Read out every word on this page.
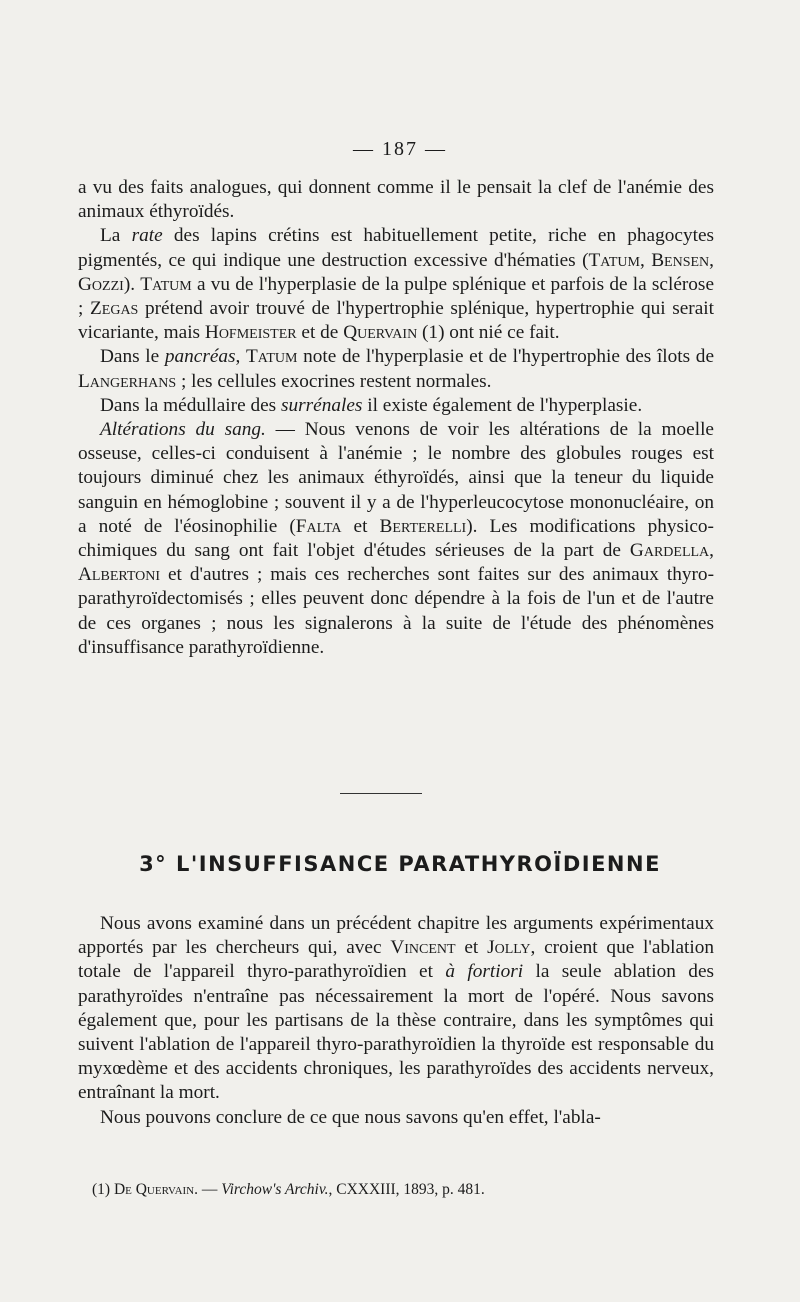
— 187 —

a vu des faits analogues, qui donnent comme il le pensait la clef de l'anémie des animaux éthyroïdés.

La rate des lapins crétins est habituellement petite, riche en phagocytes pigmentés, ce qui indique une destruction excessive d'hématies (Tatum, Bensen, Gozzi). Tatum a vu de l'hyperplasie de la pulpe splénique et parfois de la sclérose ; Zegas prétend avoir trouvé de l'hypertrophie splénique, hypertrophie qui serait vicariante, mais Hofmeister et de Quervain (1) ont nié ce fait.

Dans le pancréas, Tatum note de l'hyperplasie et de l'hypertrophie des îlots de Langerhans ; les cellules exocrines restent normales.

Dans la médullaire des surrénales il existe également de l'hyperplasie.

Altérations du sang. — Nous venons de voir les altérations de la moelle osseuse, celles-ci conduisent à l'anémie ; le nombre des globules rouges est toujours diminué chez les animaux éthyroïdés, ainsi que la teneur du liquide sanguin en hémoglobine ; souvent il y a de l'hyperleucocytose mononucléaire, on a noté de l'éosinophilie (Falta et Berterelli). Les modifications physico-chimiques du sang ont fait l'objet d'études sérieuses de la part de Gardella, Albertoni et d'autres ; mais ces recherches sont faites sur des animaux thyro-parathyroïdectomisés ; elles peuvent donc dépendre à la fois de l'un et de l'autre de ces organes ; nous les signalerons à la suite de l'étude des phénomènes d'insuffisance parathyroïdienne.

3° L'INSUFFISANCE PARATHYROÏDIENNE

Nous avons examiné dans un précédent chapitre les arguments expérimentaux apportés par les chercheurs qui, avec Vincent et Jolly, croient que l'ablation totale de l'appareil thyro-parathyroïdien et à fortiori la seule ablation des parathyroïdes n'entraîne pas nécessairement la mort de l'opéré. Nous savons également que, pour les partisans de la thèse contraire, dans les symptômes qui suivent l'ablation de l'appareil thyro-parathyroïdien la thyroïde est responsable du myxœdème et des accidents chroniques, les parathyroïdes des accidents nerveux, entraînant la mort.

Nous pouvons conclure de ce que nous savons qu'en effet, l'abla-

(1) De Quervain. — Virchow's Archiv., CXXXIII, 1893, p. 481.
